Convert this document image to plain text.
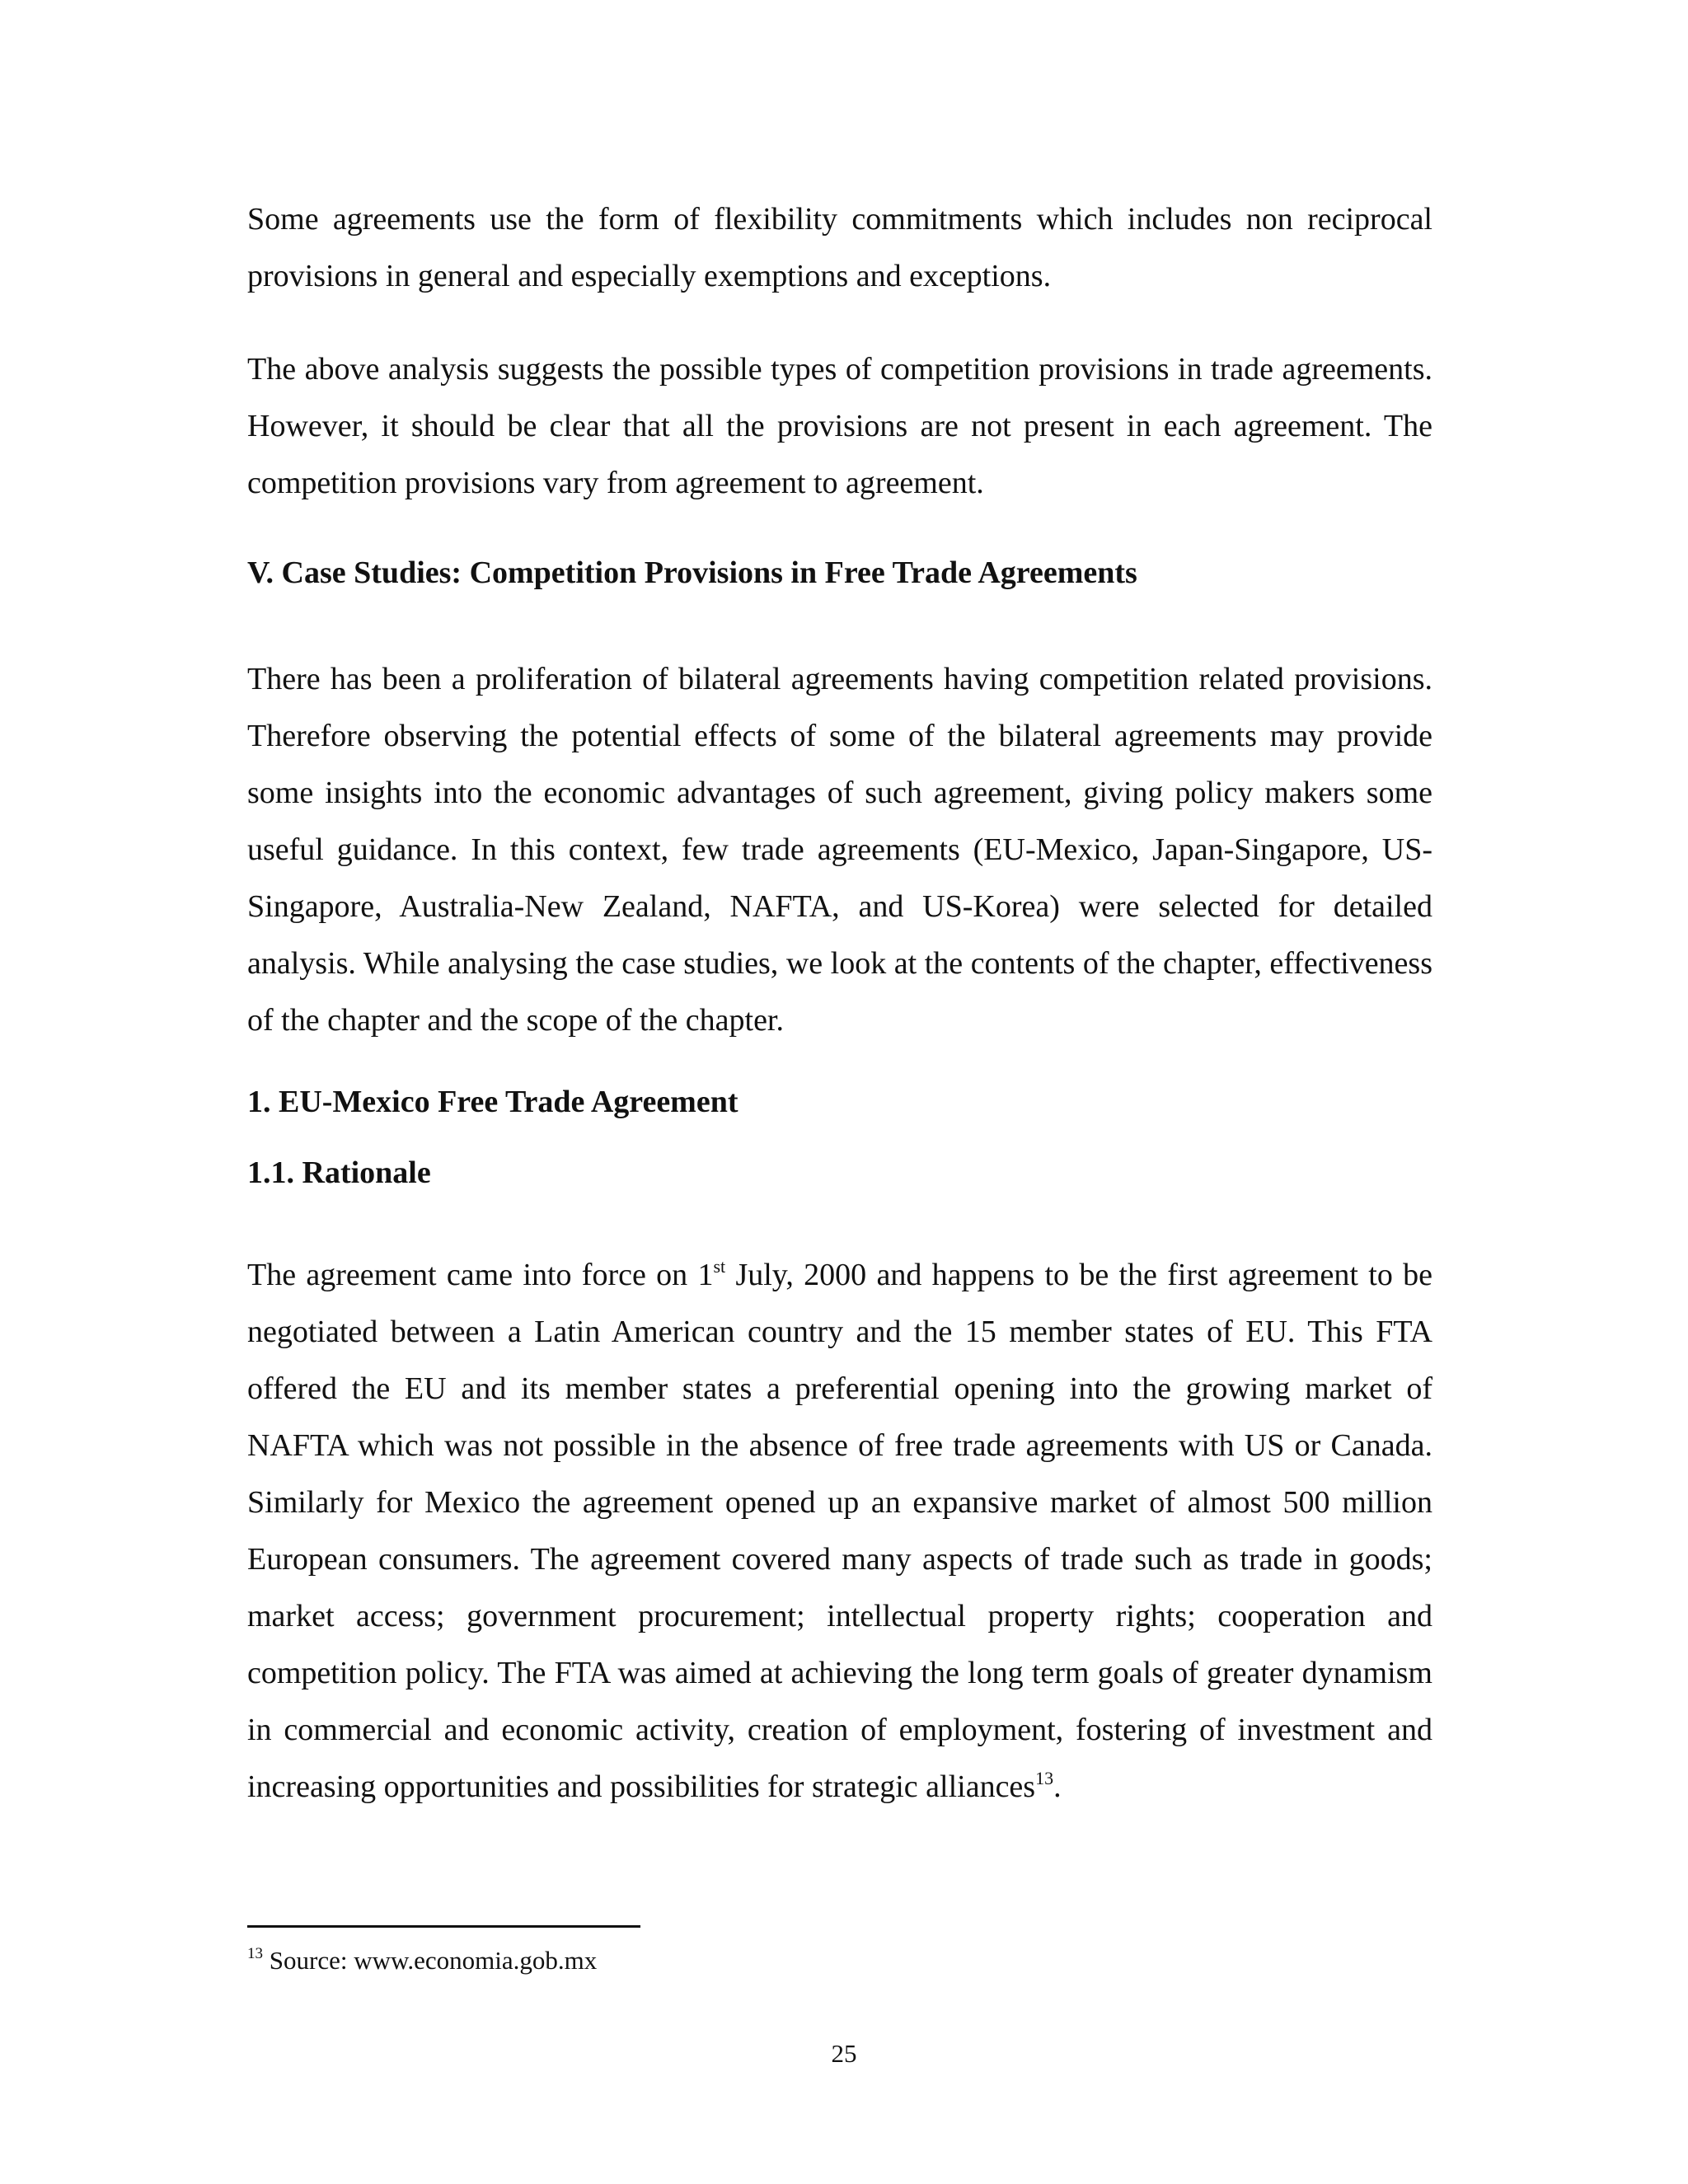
Some agreements use the form of flexibility commitments which includes non reciprocal provisions in general and especially exemptions and exceptions.

The above analysis suggests the possible types of competition provisions in trade agreements. However, it should be clear that all the provisions are not present in each agreement. The competition provisions vary from agreement to agreement.

V. Case Studies: Competition Provisions in Free Trade Agreements

There has been a proliferation of bilateral agreements having competition related provisions. Therefore observing the potential effects of some of the bilateral agreements may provide some insights into the economic advantages of such agreement, giving policy makers some useful guidance. In this context, few trade agreements (EU-Mexico, Japan-Singapore, US-Singapore, Australia-New Zealand, NAFTA, and US-Korea) were selected for detailed analysis. While analysing the case studies, we look at the contents of the chapter, effectiveness of the chapter and the scope of the chapter.

1. EU-Mexico Free Trade Agreement
1.1. Rationale

The agreement came into force on 1st July, 2000 and happens to be the first agreement to be negotiated between a Latin American country and the 15 member states of EU. This FTA offered the EU and its member states a preferential opening into the growing market of NAFTA which was not possible in the absence of free trade agreements with US or Canada. Similarly for Mexico the agreement opened up an expansive market of almost 500 million European consumers. The agreement covered many aspects of trade such as trade in goods; market access; government procurement; intellectual property rights; cooperation and competition policy. The FTA was aimed at achieving the long term goals of greater dynamism in commercial and economic activity, creation of employment, fostering of investment and increasing opportunities and possibilities for strategic alliances$^{13}$.

$^{13}$ Source: www.economia.gob.mx

25
